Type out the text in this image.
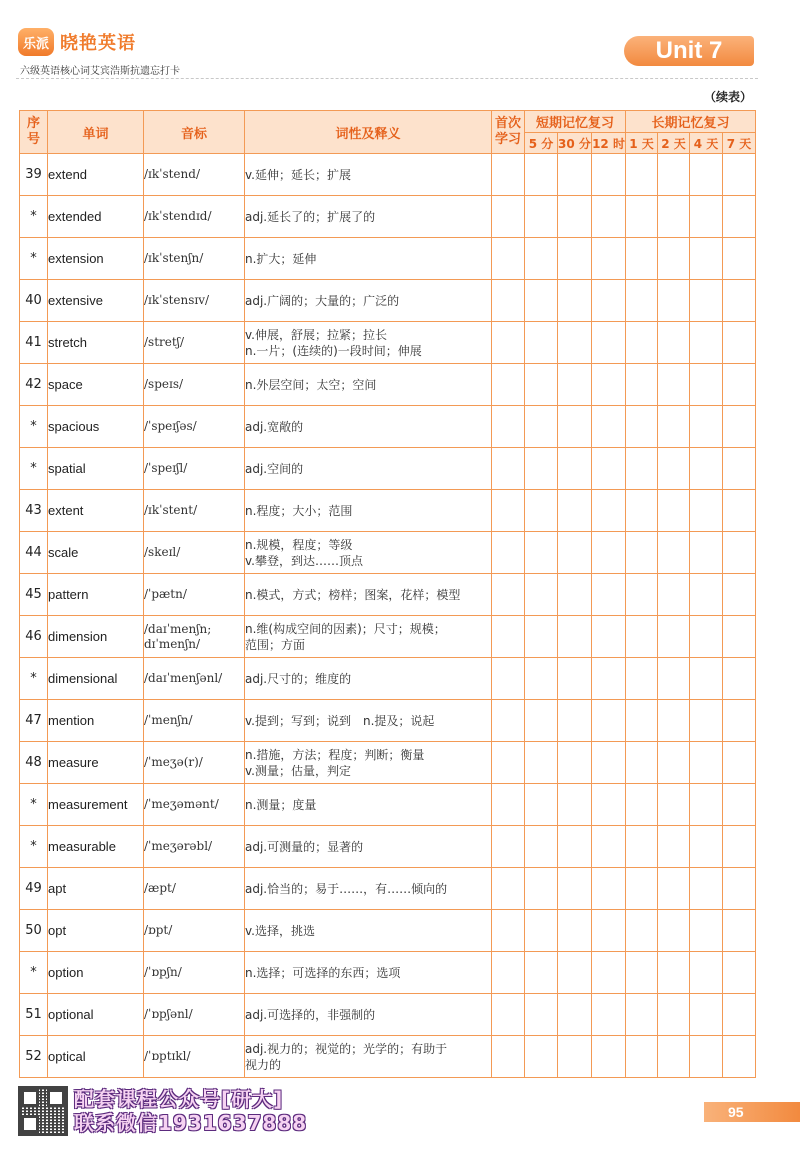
乐派 晓艳英语
六级英语核心词艾宾浩斯抗遗忘打卡
Unit 7
（续表）
序
号	单词	音标	词性及释义	首次
学习	短期记忆复习			长期记忆复习			
					5 分	30 分	12 时	1 天	2 天	4 天	7 天
39	extend	/ɪkˈstend/	v.延伸；延长；扩展								

*	extended	/ɪkˈstendɪd/	adj.延长了的；扩展了的								

*	extension	/ɪkˈstenʃn/	n.扩大；延伸								

40	extensive	/ɪkˈstensɪv/	adj.广阔的；大量的；广泛的								

41	stretch	/stretʃ/	v.伸展，舒展；拉紧；拉长
n.一片；(连续的)一段时间；伸展								

42	space	/speɪs/	n.外层空间；太空；空间								

*	spacious	/ˈspeɪʃəs/	adj.宽敞的								

*	spatial	/ˈspeɪʃl/	adj.空间的								

43	extent	/ɪkˈstent/	n.程度；大小；范围								

44	scale	/skeɪl/	n.规模，程度；等级
v.攀登，到达……顶点								

45	pattern	/ˈpætn/	n.模式，方式；榜样；图案，花样；模型								

46	dimension	/daɪˈmenʃn;
dɪˈmenʃn/	n.维(构成空间的因素)；尺寸；规模；
范围；方面								

*	dimensional	/daɪˈmenʃənl/	adj.尺寸的；维度的								

47	mention	/ˈmenʃn/	v.提到；写到；说到　n.提及；说起								

48	measure	/ˈmeʒə(r)/	n.措施，方法；程度；判断；衡量
v.测量；估量，判定								

*	measurement	/ˈmeʒəmənt/	n.测量；度量								

*	measurable	/ˈmeʒərəbl/	adj.可测量的；显著的								

49	apt	/æpt/	adj.恰当的；易于……，有……倾向的								

50	opt	/ɒpt/	v.选择，挑选								

*	option	/ˈɒpʃn/	n.选择；可选择的东西；选项								

51	optional	/ˈɒpʃənl/	adj.可选择的，非强制的								

52	optical	/ˈɒptɪkl/	adj.视力的；视觉的；光学的；有助于
视力的								

配套课程公众号[研大]
联系微信1931637888	95
